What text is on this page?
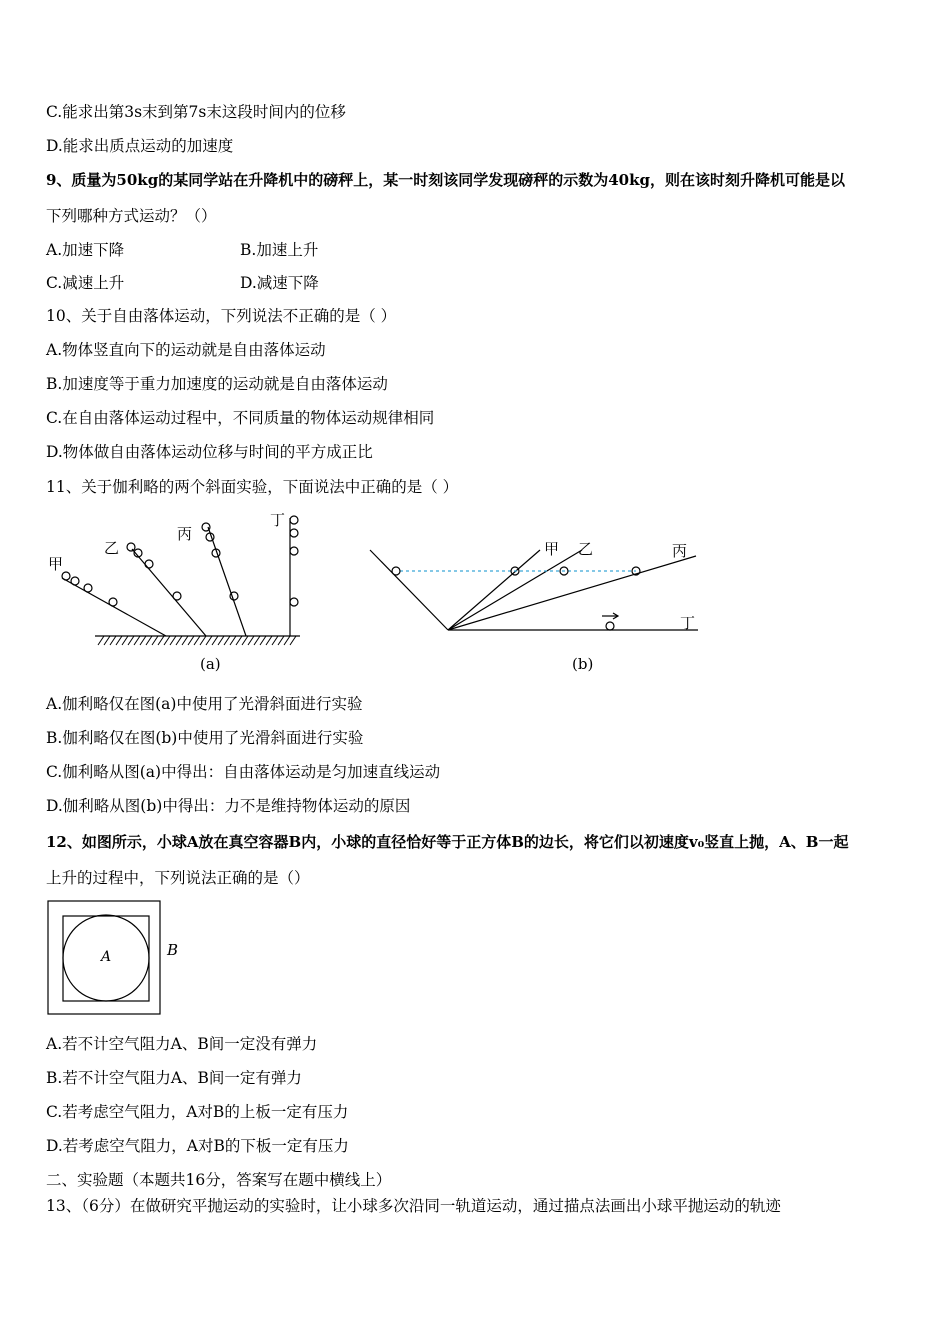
C.能求出第3s末到第7s末这段时间内的位移
D.能求出质点运动的加速度
9、质量为50kg的某同学站在升降机中的磅秤上，某一时刻该同学发现磅秤的示数为40kg，则在该时刻升降机可能是以
下列哪种方式运动？（）
A.加速下降	B.加速上升
C.减速上升	D.减速下降
10、关于自由落体运动，下列说法不正确的是（ ）
A.物体竖直向下的运动就是自由落体运动
B.加速度等于重力加速度的运动就是自由落体运动
C.在自由落体运动过程中，不同质量的物体运动规律相同
D.物体做自由落体运动位移与时间的平方成正比
11、关于伽利略的两个斜面实验，下面说法中正确的是（ ）
甲
乙
丙
丁
(a)
甲 乙	丙
丁
(b)
A.伽利略仅在图(a)中使用了光滑斜面进行实验
B.伽利略仅在图(b)中使用了光滑斜面进行实验
C.伽利略从图(a)中得出：自由落体运动是匀加速直线运动
D.伽利略从图(b)中得出：力不是维持物体运动的原因
12、如图所示，小球A放在真空容器B内，小球的直径恰好等于正方体B的边长，将它们以初速度v₀竖直上抛，A、B一起
上升的过程中，下列说法正确的是（）
A	B
A.若不计空气阻力A、B间一定没有弹力
B.若不计空气阻力A、B间一定有弹力
C.若考虑空气阻力，A对B的上板一定有压力
D.若考虑空气阻力，A对B的下板一定有压力
二、实验题（本题共16分，答案写在题中横线上）
13、（6分）在做研究平抛运动的实验时，让小球多次沿同一轨道运动，通过描点法画出小球平抛运动的轨迹
